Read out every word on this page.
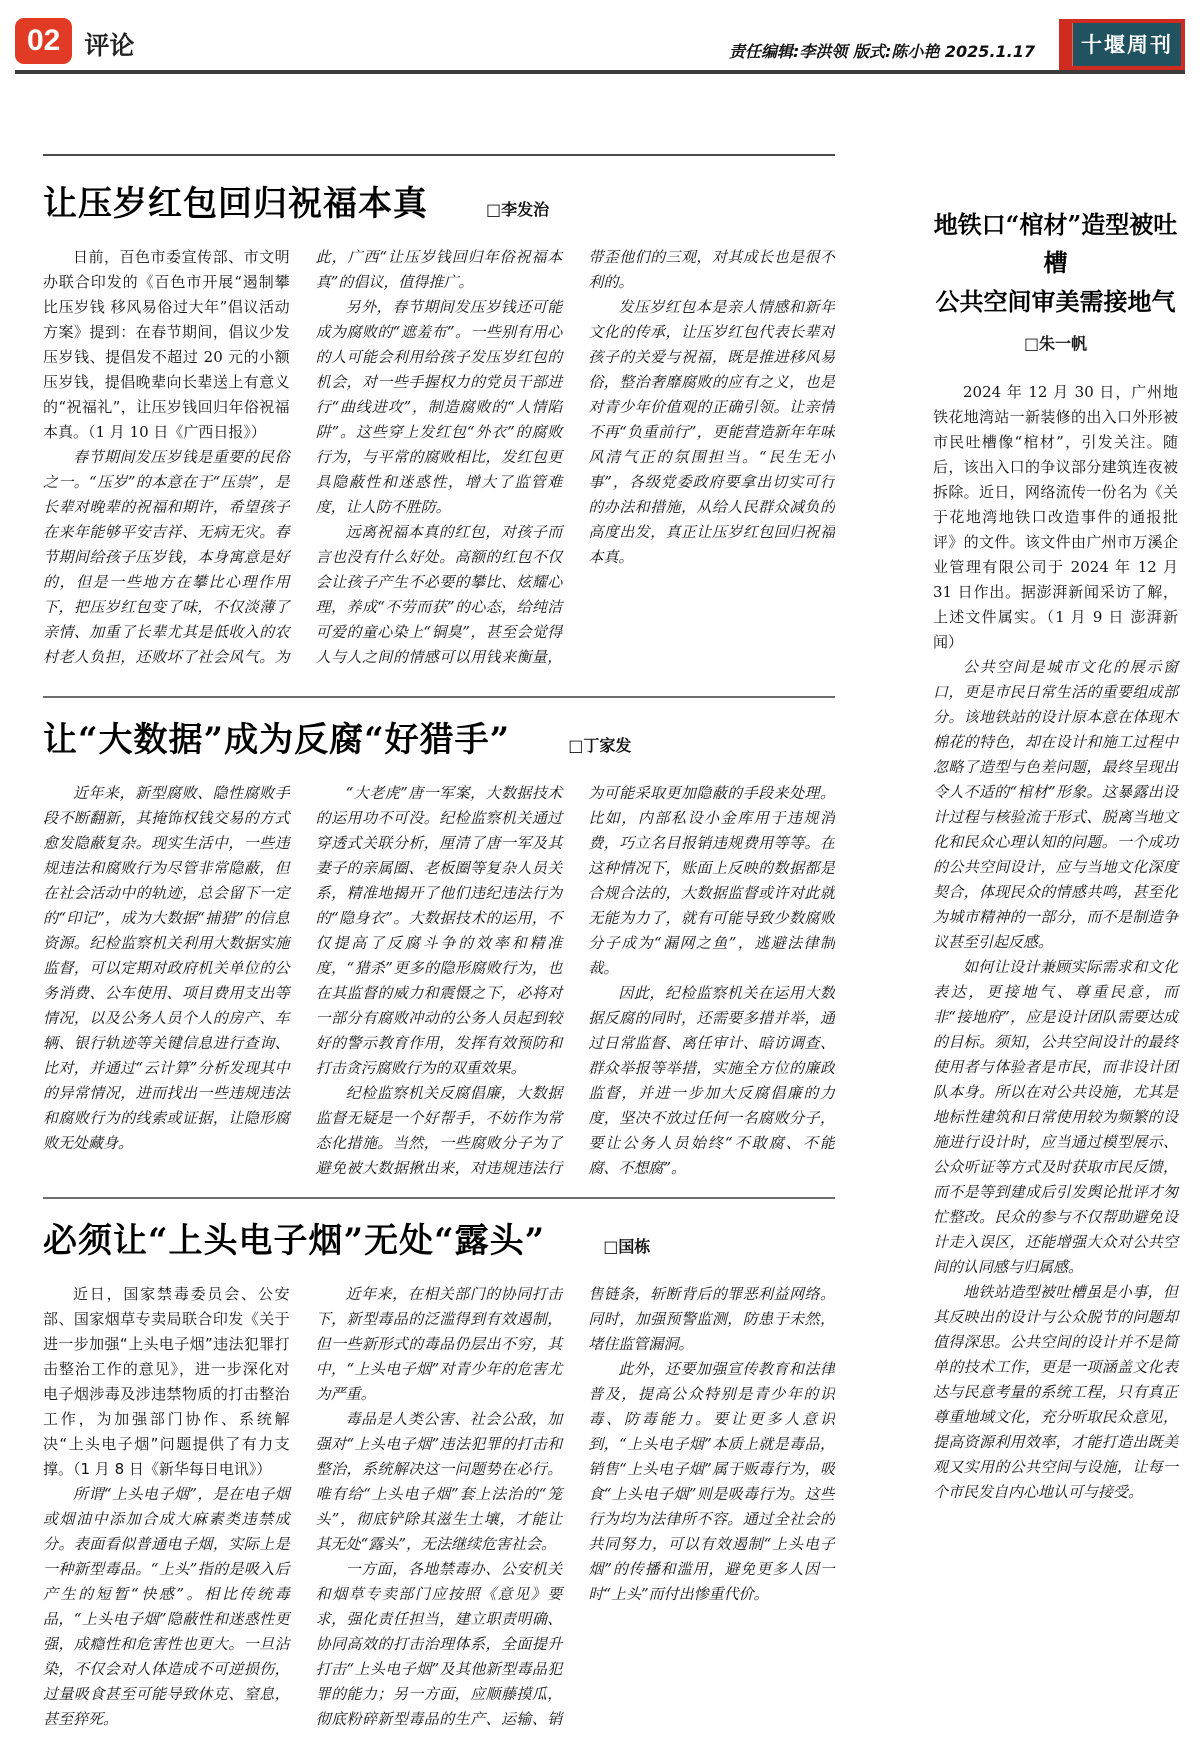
02 评论	责任编辑:李洪领 版式:陈小艳 2025.1.17	十堰周刊
让压岁红包回归祝福本真	□李发治

日前，百色市委宣传部、市文明办联合印发的《百色市开展“遏制攀比压岁钱 移风易俗过大年”倡议活动方案》提到：在春节期间，倡议少发压岁钱、提倡发不超过 20 元的小额压岁钱，提倡晚辈向长辈送上有意义的“祝福礼”，让压岁钱回归年俗祝福本真。（1 月 10 日《广西日报》）

春节期间发压岁钱是重要的民俗之一。“压岁”的本意在于“压祟”，是长辈对晚辈的祝福和期许，希望孩子在来年能够平安吉祥、无病无灾。春节期间给孩子压岁钱，本身寓意是好的，但是一些地方在攀比心理作用下，把压岁红包变了味，不仅淡薄了亲情、加重了长辈尤其是低收入的农村老人负担，还败坏了社会风气。为此，广西“让压岁钱回归年俗祝福本真”的倡议，值得推广。

另外，春节期间发压岁钱还可能成为腐败的“遮羞布”。一些别有用心的人可能会利用给孩子发压岁红包的机会，对一些手握权力的党员干部进行“曲线进攻”，制造腐败的“人情陷阱”。这些穿上发红包“外衣”的腐败行为，与平常的腐败相比，发红包更具隐蔽性和迷惑性，增大了监管难度，让人防不胜防。

远离祝福本真的红包，对孩子而言也没有什么好处。高额的红包不仅会让孩子产生不必要的攀比、炫耀心理，养成“不劳而获”的心态，给纯洁可爱的童心染上“铜臭”，甚至会觉得人与人之间的情感可以用钱来衡量，带歪他们的三观，对其成长也是很不利的。

发压岁红包本是亲人情感和新年文化的传承，让压岁红包代表长辈对孩子的关爱与祝福，既是推进移风易俗，整治奢靡腐败的应有之义，也是对青少年价值观的正确引领。让亲情不再“负重前行”，更能营造新年年味风清气正的氛围担当。“民生无小事”，各级党委政府要拿出切实可行的办法和措施，从给人民群众减负的高度出发，真正让压岁红包回归祝福本真。

让“大数据”成为反腐“好猎手”	□丁家发

近年来，新型腐败、隐性腐败手段不断翻新，其掩饰权钱交易的方式愈发隐蔽复杂。现实生活中，一些违规违法和腐败行为尽管非常隐蔽，但在社会活动中的轨迹，总会留下一定的“印记”，成为大数据“捕猎”的信息资源。纪检监察机关利用大数据实施监督，可以定期对政府机关单位的公务消费、公车使用、项目费用支出等情况，以及公务人员个人的房产、车辆、银行轨迹等关键信息进行查询、比对，并通过“云计算”分析发现其中的异常情况，进而找出一些违规违法和腐败行为的线索或证据，让隐形腐败无处藏身。

“大老虎”唐一军案，大数据技术的运用功不可没。纪检监察机关通过穿透式关联分析，厘清了唐一军及其妻子的亲属圈、老板圈等复杂人员关系，精准地揭开了他们违纪违法行为的“隐身衣”。大数据技术的运用，不仅提高了反腐斗争的效率和精准度，“猎杀”更多的隐形腐败行为，也在其监督的威力和震慑之下，必将对一部分有腐败冲动的公务人员起到较好的警示教育作用，发挥有效预防和打击贪污腐败行为的双重效果。

纪检监察机关反腐倡廉，大数据监督无疑是一个好帮手，不妨作为常态化措施。当然，一些腐败分子为了避免被大数据揪出来，对违规违法行为可能采取更加隐蔽的手段来处理。比如，内部私设小金库用于违规消费，巧立名目报销违规费用等等。在这种情况下，账面上反映的数据都是合规合法的，大数据监督或许对此就无能为力了，就有可能导致少数腐败分子成为“漏网之鱼”，逃避法律制裁。

因此，纪检监察机关在运用大数据反腐的同时，还需要多措并举，通过日常监督、离任审计、暗访调查、群众举报等举措，实施全方位的廉政监督，并进一步加大反腐倡廉的力度，坚决不放过任何一名腐败分子，要让公务人员始终“不敢腐、不能腐、不想腐”。

必须让“上头电子烟”无处“露头”	□国栋

近日，国家禁毒委员会、公安部、国家烟草专卖局联合印发《关于进一步加强“上头电子烟”违法犯罪打击整治工作的意见》，进一步深化对电子烟涉毒及涉违禁物质的打击整治工作，为加强部门协作、系统解决“上头电子烟”问题提供了有力支撑。（1 月 8 日《新华每日电讯》）

所谓“上头电子烟”，是在电子烟或烟油中添加合成大麻素类违禁成分。表面看似普通电子烟，实际上是一种新型毒品。“上头”指的是吸入后产生的短暂“快感”。相比传统毒品，“上头电子烟”隐蔽性和迷惑性更强，成瘾性和危害性也更大。一旦沾染，不仅会对人体造成不可逆损伤，过量吸食甚至可能导致休克、窒息，甚至猝死。

近年来，在相关部门的协同打击下，新型毒品的泛滥得到有效遏制，但一些新形式的毒品仍层出不穷，其中，“上头电子烟”对青少年的危害尤为严重。

毒品是人类公害、社会公敌，加强对“上头电子烟”违法犯罪的打击和整治，系统解决这一问题势在必行。唯有给“上头电子烟”套上法治的“笼头”，彻底铲除其滋生土壤，才能让其无处“露头”，无法继续危害社会。

一方面，各地禁毒办、公安机关和烟草专卖部门应按照《意见》要求，强化责任担当，建立职责明确、协同高效的打击治理体系，全面提升打击“上头电子烟”及其他新型毒品犯罪的能力；另一方面，应顺藤摸瓜，彻底粉碎新型毒品的生产、运输、销售链条，斩断背后的罪恶利益网络。同时，加强预警监测，防患于未然，堵住监管漏洞。

此外，还要加强宣传教育和法律普及，提高公众特别是青少年的识毒、防毒能力。要让更多人意识到，“上头电子烟”本质上就是毒品，销售“上头电子烟”属于贩毒行为，吸食“上头电子烟”则是吸毒行为。这些行为均为法律所不容。通过全社会的共同努力，可以有效遏制“上头电子烟”的传播和滥用，避免更多人因一时“上头”而付出惨重代价。

地铁口“棺材”造型被吐槽
公共空间审美需接地气
□朱一帆

2024 年 12 月 30 日，广州地铁花地湾站一新装修的出入口外形被市民吐槽像“棺材”，引发关注。随后，该出入口的争议部分建筑连夜被拆除。近日，网络流传一份名为《关于花地湾地铁口改造事件的通报批评》的文件。该文件由广州市万溪企业管理有限公司于 2024 年 12 月 31 日作出。据澎湃新闻采访了解，上述文件属实。（1 月 9 日 澎湃新闻）

公共空间是城市文化的展示窗口，更是市民日常生活的重要组成部分。该地铁站的设计原本意在体现木棉花的特色，却在设计和施工过程中忽略了造型与色差问题，最终呈现出令人不适的“棺材”形象。这暴露出设计过程与核验流于形式、脱离当地文化和民众心理认知的问题。一个成功的公共空间设计，应与当地文化深度契合，体现民众的情感共鸣，甚至化为城市精神的一部分，而不是制造争议甚至引起反感。

如何让设计兼顾实际需求和文化表达，更接地气、尊重民意，而非“接地府”，应是设计团队需要达成的目标。须知，公共空间设计的最终使用者与体验者是市民，而非设计团队本身。所以在对公共设施，尤其是地标性建筑和日常使用较为频繁的设施进行设计时，应当通过模型展示、公众听证等方式及时获取市民反馈，而不是等到建成后引发舆论批评才匆忙整改。民众的参与不仅帮助避免设计走入误区，还能增强大众对公共空间的认同感与归属感。

地铁站造型被吐槽虽是小事，但其反映出的设计与公众脱节的问题却值得深思。公共空间的设计并不是简单的技术工作，更是一项涵盖文化表达与民意考量的系统工程，只有真正尊重地域文化，充分听取民众意见，提高资源利用效率，才能打造出既美观又实用的公共空间与设施，让每一个市民发自内心地认可与接受。
